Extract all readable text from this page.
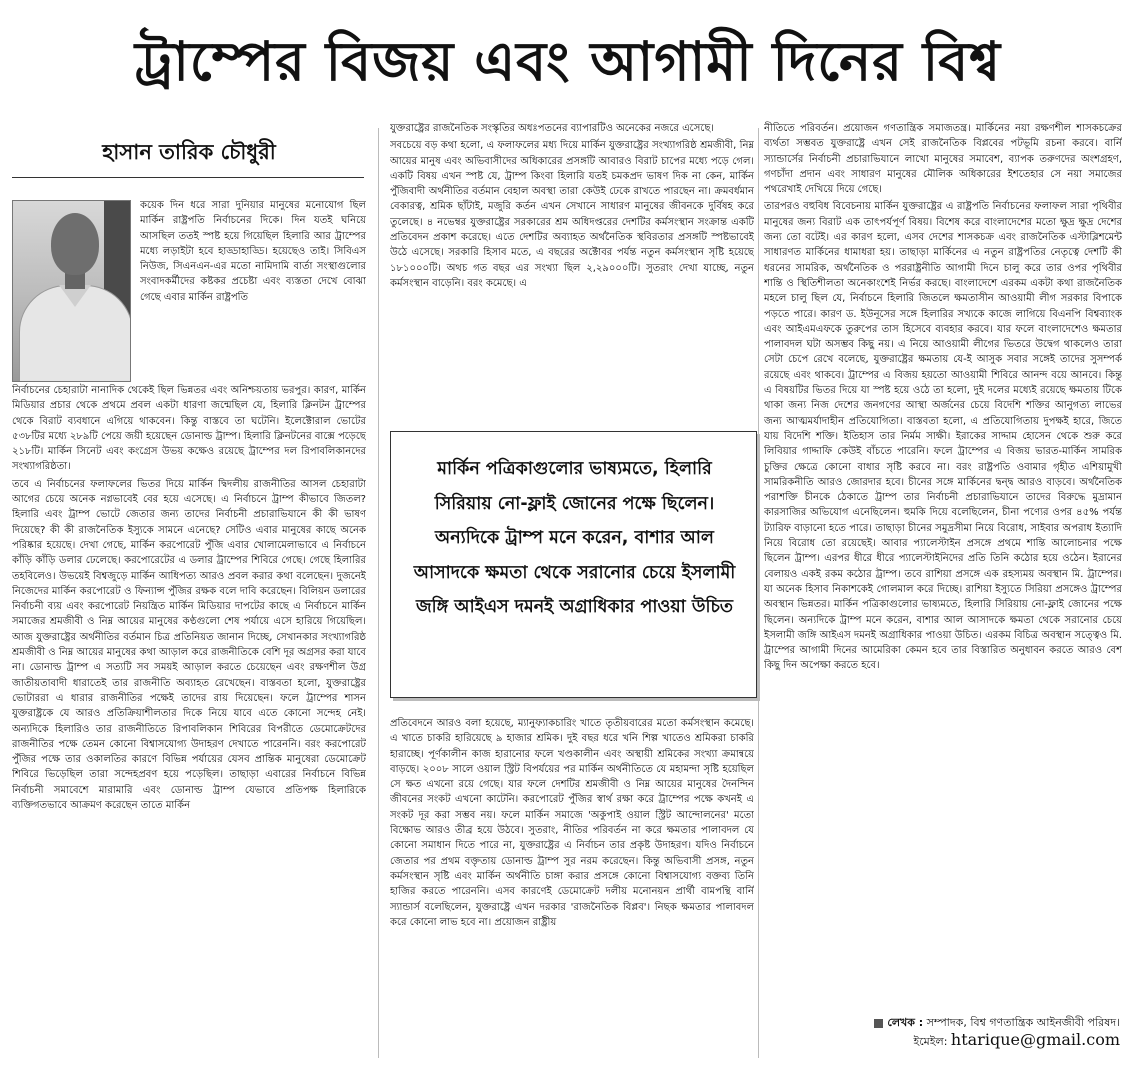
ট্রাম্পের বিজয় এবং আগামী দিনের বিশ্ব
হাসান তারিক চৌধুরী

কয়েক দিন ধরে সারা দুনিয়ার মানুষের মনোযোগ ছিল মার্কিন রাষ্ট্রপতি নির্বাচনের দিকে। দিন যতই ঘনিয়ে আসছিল ততই স্পষ্ট হয়ে গিয়েছিল হিলারি আর ট্রাম্পের মধ্যে লড়াইটা হবে হাড্ডাহাড্ডি। হয়েছেও তাই। সিবিএস নিউজ, সিএনএন-এর মতো নামিদামি বার্তা সংস্থাগুলোর সংবাদকর্মীদের কষ্টকর প্রচেষ্টা এবং ব্যস্ততা দেখে বোঝা গেছে এবার মার্কিন রাষ্ট্রপতি

নির্বাচনের চেহারাটা নানাদিক থেকেই ছিল ভিন্নতর এবং অনিশ্চয়তায় ভরপুর। কারণ, মার্কিন মিডিয়ার প্রচার থেকে প্রথমে প্রবল একটা ধারণা জন্মেছিল যে, হিলারি ক্লিনটন ট্রাম্পের থেকে বিরাট ব্যবধানে এগিয়ে থাকবেন। কিন্তু বাস্তবে তা ঘটেনি। ইলেক্টোরাল ভোটের ৫৩৮টির মধ্যে ২৮৯টি পেয়ে জয়ী হয়েছেন ডোনাল্ড ট্রাম্প। হিলারি ক্লিনটনের বাক্সে পড়েছে ২১৮টি। মার্কিন সিনেট এবং কংগ্রেস উভয় কক্ষেও রয়েছে ট্রাম্পের দল রিপাবলিকানদের সংখ্যাগরিষ্ঠতা।

তবে এ নির্বাচনের ফলাফলের ভিতর দিয়ে মার্কিন দ্বিদলীয় রাজনীতির আসল চেহারাটা আগের চেয়ে অনেক নগ্নভাবেই বের হয়ে এসেছে। এ নির্বাচনে ট্রাম্প কীভাবে জিতল? হিলারি এবং ট্রাম্প ভোটে জেতার জন্য তাদের নির্বাচনী প্রচারাভিযানে কী কী ভাষণ দিয়েছে? কী কী রাজনৈতিক ইস্যুকে সামনে এনেছে? সেটিও এবার মানুষের কাছে অনেক পরিষ্কার হয়েছে। দেখা গেছে, মার্কিন করপোরেট পুঁজি এবার খোলামেলাভাবে এ নির্বাচনে কাঁড়ি কাঁড়ি ডলার ঢেলেছে। করপোরেটের এ ডলার ট্রাম্পের শিবিরে গেছে। গেছে হিলারির তহবিলেও। উভয়েই বিশ্বজুড়ে মার্কিন আধিপত্য আরও প্রবল করার কথা বলেছেন। দুজনেই নিজেদের মার্কিন করপোরেট ও ফিন্যান্স পুঁজির রক্ষক বলে দাবি করেছেন। বিলিয়ন ডলারের নির্বাচনী ব্যয় এবং করপোরেট নিয়ন্ত্রিত মার্কিন মিডিয়ার দাপটের কাছে এ নির্বাচনে মার্কিন সমাজের শ্রমজীবী ও নিম্ন আয়ের মানুষের কণ্ঠগুলো শেষ পর্যায়ে এসে হারিয়ে গিয়েছিল। আজ যুক্তরাষ্ট্রের অর্থনীতির বর্তমান চিত্র প্রতিনিয়ত জানান দিচ্ছে, সেখানকার সংখ্যাগরিষ্ঠ শ্রমজীবী ও নিম্ন আয়ের মানুষের কথা আড়াল করে রাজনীতিকে বেশি দূর অগ্রসর করা যাবে না। ডোনাল্ড ট্রাম্প এ সত্যটি সব সময়ই আড়াল করতে চেয়েছেন এবং রক্ষণশীল উগ্র জাতীয়তাবাদী ধারাতেই তার রাজনীতি অব্যাহত রেখেছেন। বাস্তবতা হলো, যুক্তরাষ্ট্রের ভোটাররা এ ধারার রাজনীতির পক্ষেই তাদের রায় দিয়েছেন। ফলে ট্রাম্পের শাসন যুক্তরাষ্ট্রকে যে আরও প্রতিক্রিয়াশীলতার দিকে নিয়ে যাবে এতে কোনো সন্দেহ নেই। অন্যদিকে হিলারিও তার রাজনীতিতে রিপাবলিকান শিবিরের বিপরীতে ডেমোক্রেটদের রাজনীতির পক্ষে তেমন কোনো বিশ্বাসযোগ্য উদাহরণ দেখাতে পারেননি। বরং করপোরেট পুঁজির পক্ষে তার ওকালতির কারণে বিভিন্ন পর্যায়ের যেসব প্রান্তিক মানুষেরা ডেমোক্রেট শিবিরে ভিড়েছিল তারা সন্দেহপ্রবণ হয়ে পড়েছিল। তাছাড়া এবারের নির্বাচনে বিভিন্ন নির্বাচনী সমাবেশে মারামারি এবং ডোনাল্ড ট্রাম্প যেভাবে প্রতিপক্ষ হিলারিকে ব্যক্তিগতভাবে আক্রমণ করেছেন তাতে মার্কিন

যুক্তরাষ্ট্রের রাজনৈতিক সংস্কৃতির অধঃপতনের ব্যাপারটিও অনেকের নজরে এসেছে।

সবচেয়ে বড় কথা হলো, এ ফলাফলের মধ্য দিয়ে মার্কিন যুক্তরাষ্ট্রের সংখ্যাগরিষ্ঠ শ্রমজীবী, নিম্ন আয়ের মানুষ এবং অভিবাসীদের অধিকারের প্রসঙ্গটি আবারও বিরাট চাপের মধ্যে পড়ে গেল। একটি বিষয় এখন স্পষ্ট যে, ট্রাম্প কিংবা হিলারি যতই চমকপ্রদ ভাষণ দিক না কেন, মার্কিন পুঁজিবাদী অর্থনীতির বর্তমান বেহাল অবস্থা তারা কেউই ঢেকে রাখতে পারছেন না। ক্রমবর্ধমান বেকারত্ব, শ্রমিক ছাঁটাই, মজুরি কর্তন এখন সেখানে সাধারণ মানুষের জীবনকে দুর্বিষহ করে তুলেছে। ৪ নভেম্বর যুক্তরাষ্ট্রের সরকারের শ্রম অধিদপ্তরের দেশটির কর্মসংস্থান সংক্রান্ত একটি প্রতিবেদন প্রকাশ করেছে। এতে দেশটির অব্যাহত অর্থনৈতিক স্থবিরতার প্রসঙ্গটি স্পষ্টভাবেই উঠে এসেছে। সরকারি হিসাব মতে, এ বছরের অক্টোবর পর্যন্ত নতুন কর্মসংস্থান সৃষ্টি হয়েছে ১৮১০০০টি। অথচ গত বছর এর সংখ্যা ছিল ২,২৯০০০টি। সুতরাং দেখা যাচ্ছে, নতুন কর্মসংস্থান বাড়েনি। বরং কমেছে। এ

মার্কিন পত্রিকাগুলোর ভাষ্যমতে, হিলারি সিরিয়ায় নো-ফ্লাই জোনের পক্ষে ছিলেন। অন্যদিকে ট্রাম্প মনে করেন, বাশার আল আসাদকে ক্ষমতা থেকে সরানোর চেয়ে ইসলামী জঙ্গি আইএস দমনই অগ্রাধিকার পাওয়া উচিত

প্রতিবেদনে আরও বলা হয়েছে, ম্যানুফ্যাকচারিং খাতে তৃতীয়বারের মতো কর্মসংস্থান কমেছে। এ খাতে চাকরি হারিয়েছে ৯ হাজার শ্রমিক। দুই বছর ধরে খনি শিল্প খাতেও শ্রমিকরা চাকরি হারাচ্ছে। পূর্ণকালীন কাজ হারানোর ফলে খণ্ডকালীন এবং অস্থায়ী শ্রমিকের সংখ্যা ক্রমান্বয়ে বাড়ছে। ২০০৮ সালে ওয়াল স্ট্রিট বিপর্যয়ের পর মার্কিন অর্থনীতিতে যে মহামন্দা সৃষ্টি হয়েছিল সে ক্ষত এখনো রয়ে গেছে। যার ফলে দেশটির শ্রমজীবী ও নিম্ন আয়ের মানুষের দৈনন্দিন জীবনের সংকট এখনো কাটেনি। করপোরেট পুঁজির স্বার্থ রক্ষা করে ট্রাম্পের পক্ষে কখনই এ সংকট দূর করা সম্ভব নয়। ফলে মার্কিন সমাজে 'অকুপাই ওয়াল স্ট্রিট আন্দোলনের' মতো বিক্ষোভ আরও তীব্র হয়ে উঠবে। সুতরাং, নীতির পরিবর্তন না করে ক্ষমতার পালাবদল যে কোনো সমাধান দিতে পারে না, যুক্তরাষ্ট্রের এ নির্বাচন তার প্রকৃষ্ট উদাহরণ। যদিও নির্বাচনে জেতার পর প্রথম বক্তৃতায় ডোনাল্ড ট্রাম্প সুর নরম করেছেন। কিন্তু অভিবাসী প্রসঙ্গ, নতুন কর্মসংস্থান সৃষ্টি এবং মার্কিন অর্থনীতি চাঙ্গা করার প্রসঙ্গে কোনো বিশ্বাসযোগ্য বক্তব্য তিনি হাজির করতে পারেননি। এসব কারণেই ডেমোক্রেট দলীয় মনোনয়ন প্রার্থী বামপন্থি বার্নি স্যান্ডার্স বলেছিলেন, যুক্তরাষ্ট্রে এখন দরকার 'রাজনৈতিক বিপ্লব'। নিছক ক্ষমতার পালাবদল করে কোনো লাভ হবে না। প্রয়োজন রাষ্ট্রীয়

নীতিতে পরিবর্তন। প্রয়োজন গণতান্ত্রিক সমাজতন্ত্র। মার্কিনের নয়া রক্ষণশীল শাসকচক্রের ব্যর্থতা সম্ভবত যুক্তরাষ্ট্রে এখন সেই রাজনৈতিক বিপ্লবের পটভূমি রচনা করবে। বার্নি স্যান্ডার্সের নির্বাচনী প্রচারাভিযানে লাখো মানুষের সমাবেশ, ব্যাপক তরুণদের অংশগ্রহণ, গণচাঁদা প্রদান এবং সাধারণ মানুষের মৌলিক অধিকারের ইশতেহার সে নয়া সমাজের পথরেখাই দেখিয়ে দিয়ে গেছে।

তারপরও বহুবিধ বিবেচনায় মার্কিন যুক্তরাষ্ট্রের এ রাষ্ট্রপতি নির্বাচনের ফলাফল সারা পৃথিবীর মানুষের জন্য বিরাট এক তাৎপর্যপূর্ণ বিষয়। বিশেষ করে বাংলাদেশের মতো ক্ষুদ্র ক্ষুদ্র দেশের জন্য তো বটেই। এর কারণ হলো, এসব দেশের শাসকচক্র এবং রাজনৈতিক এস্টাব্লিশমেন্ট সাধারণত মার্কিনের ধামাধরা হয়। তাছাড়া মার্কিনের এ নতুন রাষ্ট্রপতির নেতৃত্বে দেশটি কী ধরনের সামরিক, অর্থনৈতিক ও পররাষ্ট্রনীতি আগামী দিনে চালু করে তার ওপর পৃথিবীর শান্তি ও স্থিতিশীলতা অনেকাংশেই নির্ভর করছে। বাংলাদেশে এরকম একটা কথা রাজনৈতিক মহলে চালু ছিল যে, নির্বাচনে হিলারি জিতলে ক্ষমতাসীন আওয়ামী লীগ সরকার বিপাকে পড়তে পারে। কারণ ড. ইউনূসের সঙ্গে হিলারির সখ্যকে কাজে লাগিয়ে বিএনপি বিশ্বব্যাংক এবং আইএমএফকে তুরুপের তাস হিসেবে ব্যবহার করবে। যার ফলে বাংলাদেশেও ক্ষমতার পালাবদল ঘটা অসম্ভব কিছু নয়। এ নিয়ে আওয়ামী লীগের ভিতরে উদ্বেগ থাকলেও তারা সেটা চেপে রেখে বলেছে, যুক্তরাষ্ট্রের ক্ষমতায় যে-ই আসুক সবার সঙ্গেই তাদের সুসম্পর্ক রয়েছে এবং থাকবে। ট্রাম্পের এ বিজয় হয়তো আওয়ামী শিবিরে আনন্দ বয়ে আনবে। কিন্তু এ বিষয়টির ভিতর দিয়ে যা স্পষ্ট হয়ে ওঠে তা হলো, দুই দলের মধ্যেই রয়েছে ক্ষমতায় টিকে থাকা জন্য নিজ দেশের জনগণের আস্থা অর্জনের চেয়ে বিদেশি শক্তির আনুগত্য লাভের জন্য আত্মমর্যাদাহীন প্রতিযোগিতা। বাস্তবতা হলো, এ প্রতিযোগিতায় দুপক্ষই হারে, জিতে যায় বিদেশি শক্তি। ইতিহাস তার নির্মম সাক্ষী। ইরাকের সাদ্দাম হোসেন থেকে শুরু করে লিবিয়ার গাদ্দাফি কেউই বাঁচতে পারেনি। ফলে ট্রাম্পের এ বিজয় ভারত-মার্কিন সামরিক চুক্তির ক্ষেত্রে কোনো বাধার সৃষ্টি করবে না। বরং রাষ্ট্রপতি ওবামার গৃহীত এশিয়ামুখী সামরিকনীতি আরও জোরদার হবে। চীনের সঙ্গে মার্কিনের দ্বন্দ্ব আরও বাড়বে। অর্থনৈতিক পরাশক্তি চীনকে ঠেকাতে ট্রাম্প তার নির্বাচনী প্রচারাভিযানে তাদের বিরুদ্ধে মুদ্রামান কারসাজির অভিযোগ এনেছিলেন। হুমকি দিয়ে বলেছিলেন, চীনা পণ্যের ওপর ৪৫% পর্যন্ত ট্যারিফ বাড়ানো হতে পারে। তাছাড়া চীনের সমুদ্রসীমা নিয়ে বিরোধ, সাইবার অপরাধ ইত্যাদি নিয়ে বিরোধ তো রয়েছেই। আবার প্যালেস্টাইন প্রসঙ্গে প্রথমে শান্তি আলোচনার পক্ষে ছিলেন ট্রাম্প। এরপর ধীরে ধীরে প্যালেস্টাইনিদের প্রতি তিনি কঠোর হয়ে ওঠেন। ইরানের বেলায়ও একই রকম কঠোর ট্রাম্প। তবে রাশিয়া প্রসঙ্গে এক রহস্যময় অবস্থান মি. ট্রাম্পের। যা অনেক হিসাব নিকাশকেই গোলমাল করে দিচ্ছে। রাশিয়া ইস্যুতে সিরিয়া প্রসঙ্গেও ট্রাম্পের অবস্থান ভিন্নতর। মার্কিন পত্রিকাগুলোর ভাষ্যমতে, হিলারি সিরিয়ায় নো-ফ্লাই জোনের পক্ষে ছিলেন। অন্যদিকে ট্রাম্প মনে করেন, বাশার আল আসাদকে ক্ষমতা থেকে সরানোর চেয়ে ইসলামী জঙ্গি আইএস দমনই অগ্রাধিকার পাওয়া উচিত। এরকম বিচিত্র অবস্থান সত্ত্বেও মি. ট্রাম্পের আগামী দিনের আমেরিকা কেমন হবে তার বিস্তারিত অনুধাবন করতে আরও বেশ কিছু দিন অপেক্ষা করতে হবে।

লেখক : সম্পাদক, বিশ্ব গণতান্ত্রিক আইনজীবী পরিষদ।
ইমেইল: htarique@gmail.com
